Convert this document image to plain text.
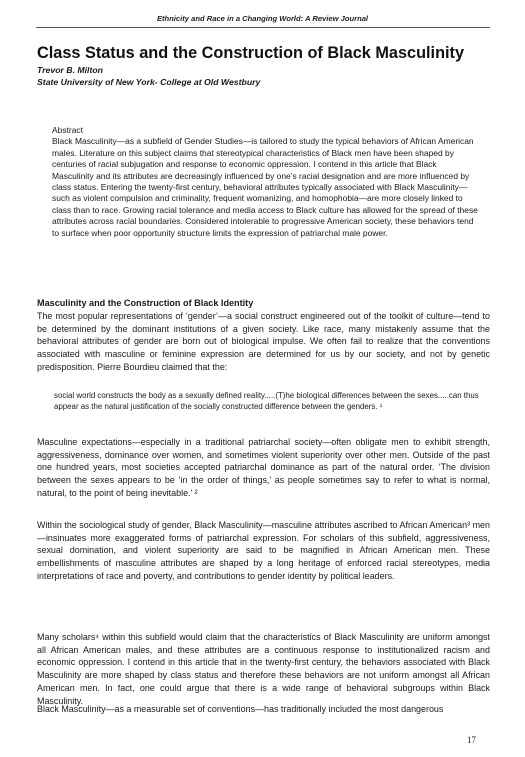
Ethnicity and Race in a Changing World: A Review Journal
Class Status and the Construction of Black Masculinity
Trevor B. Milton
State University of New York- College at Old Westbury
Abstract
Black Masculinity—as a subfield of Gender Studies—is tailored to study the typical behaviors of African American males. Literature on this subject claims that stereotypical characteristics of Black men have been shaped by centuries of racial subjugation and response to economic oppression. I contend in this article that Black Masculinity and its attributes are decreasingly influenced by one’s racial designation and are more influenced by class status. Entering the twenty-first century, behavioral attributes typically associated with Black Masculinity—such as violent compulsion and criminality, frequent womanizing, and homophobia—are more closely linked to class than to race. Growing racial tolerance and media access to Black culture has allowed for the spread of these attributes across racial boundaries. Considered intolerable to progressive American society, these behaviors tend to surface when poor opportunity structure limits the expression of patriarchal male power.
Masculinity and the Construction of Black Identity
The most popular representations of ‘gender’—a social construct engineered out of the toolkit of culture—tend to be determined by the dominant institutions of a given society. Like race, many mistakenly assume that the behavioral attributes of gender are born out of biological impulse. We often fail to realize that the conventions associated with masculine or feminine expression are determined for us by our society, and not by genetic predisposition. Pierre Bourdieu claimed that the:
social world constructs the body as a sexually defined reality.....(T)he biological differences between the sexes.....can thus appear as the natural justification of the socially constructed difference between the genders. ¹
Masculine expectations—especially in a traditional patriarchal society—often obligate men to exhibit strength, aggressiveness, dominance over women, and sometimes violent superiority over other men. Outside of the past one hundred years, most societies accepted patriarchal dominance as part of the natural order. ‘The division between the sexes appears to be ‘in the order of things,’ as people sometimes say to refer to what is normal, natural, to the point of being inevitable.’ ²
Within the sociological study of gender, Black Masculinity—masculine attributes ascribed to African American³ men—insinuates more exaggerated forms of patriarchal expression. For scholars of this subfield, aggressiveness, sexual domination, and violent superiority are said to be magnified in African American men. These embellishments of masculine attributes are shaped by a long heritage of enforced racial stereotypes, media interpretations of race and poverty, and contributions to gender identity by political leaders.
Many scholars⁴ within this subfield would claim that the characteristics of Black Masculinity are uniform amongst all African American males, and these attributes are a continuous response to institutionalized racism and economic oppression. I contend in this article that in the twenty-first century, the behaviors associated with Black Masculinity are more shaped by class status and therefore these behaviors are not uniform amongst all African American men. In fact, one could argue that there is a wide range of behavioral subgroups within Black Masculinity.
Black Masculinity—as a measurable set of conventions—has traditionally included the most dangerous
17
